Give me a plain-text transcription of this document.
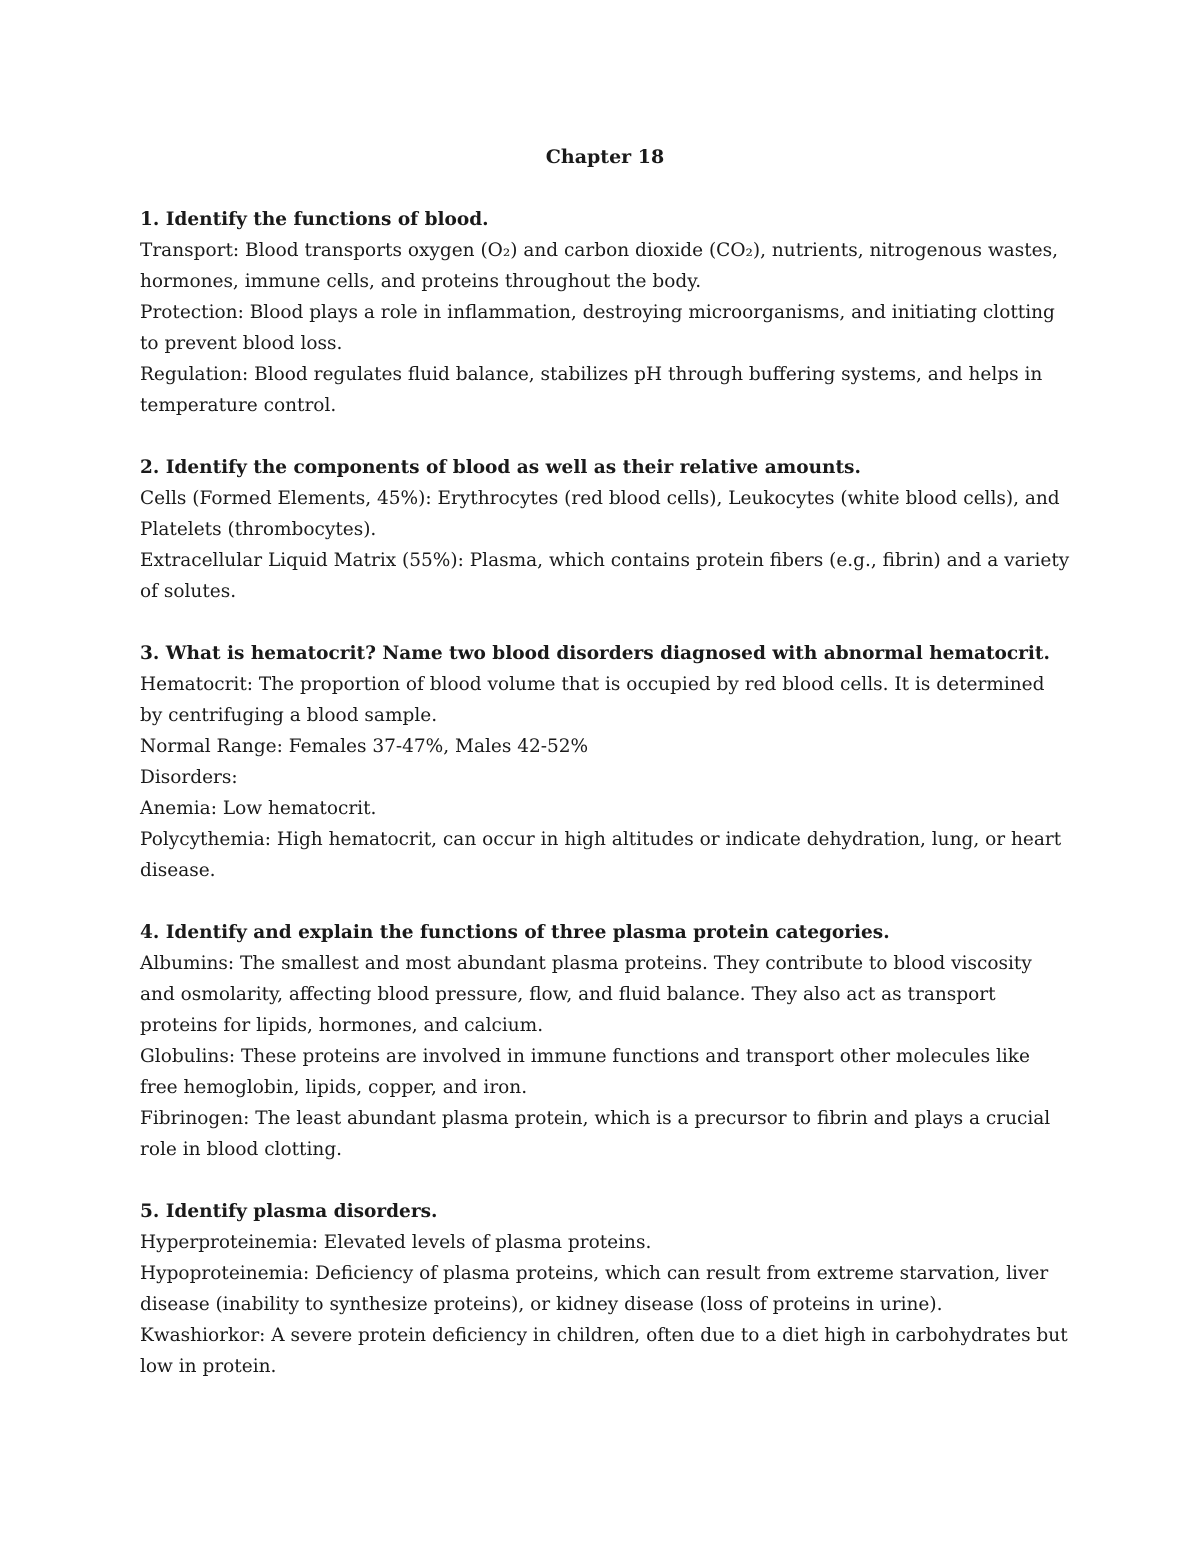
Chapter 18

1. Identify the functions of blood.

Transport: Blood transports oxygen (O₂) and carbon dioxide (CO₂), nutrients, nitrogenous wastes, hormones, immune cells, and proteins throughout the body.

Protection: Blood plays a role in inflammation, destroying microorganisms, and initiating clotting to prevent blood loss.

Regulation: Blood regulates fluid balance, stabilizes pH through buffering systems, and helps in temperature control.

2. Identify the components of blood as well as their relative amounts.

Cells (Formed Elements, 45%): Erythrocytes (red blood cells), Leukocytes (white blood cells), and Platelets (thrombocytes).

Extracellular Liquid Matrix (55%): Plasma, which contains protein fibers (e.g., fibrin) and a variety of solutes.

3. What is hematocrit? Name two blood disorders diagnosed with abnormal hematocrit.

Hematocrit: The proportion of blood volume that is occupied by red blood cells. It is determined by centrifuging a blood sample.

Normal Range: Females 37-47%, Males 42-52%

Disorders:

Anemia: Low hematocrit.

Polycythemia: High hematocrit, can occur in high altitudes or indicate dehydration, lung, or heart disease.

4. Identify and explain the functions of three plasma protein categories.

Albumins: The smallest and most abundant plasma proteins. They contribute to blood viscosity and osmolarity, affecting blood pressure, flow, and fluid balance. They also act as transport proteins for lipids, hormones, and calcium.

Globulins: These proteins are involved in immune functions and transport other molecules like free hemoglobin, lipids, copper, and iron.

Fibrinogen: The least abundant plasma protein, which is a precursor to fibrin and plays a crucial role in blood clotting.

5. Identify plasma disorders.

Hyperproteinemia: Elevated levels of plasma proteins.

Hypoproteinemia: Deficiency of plasma proteins, which can result from extreme starvation, liver disease (inability to synthesize proteins), or kidney disease (loss of proteins in urine).

Kwashiorkor: A severe protein deficiency in children, often due to a diet high in carbohydrates but low in protein.
